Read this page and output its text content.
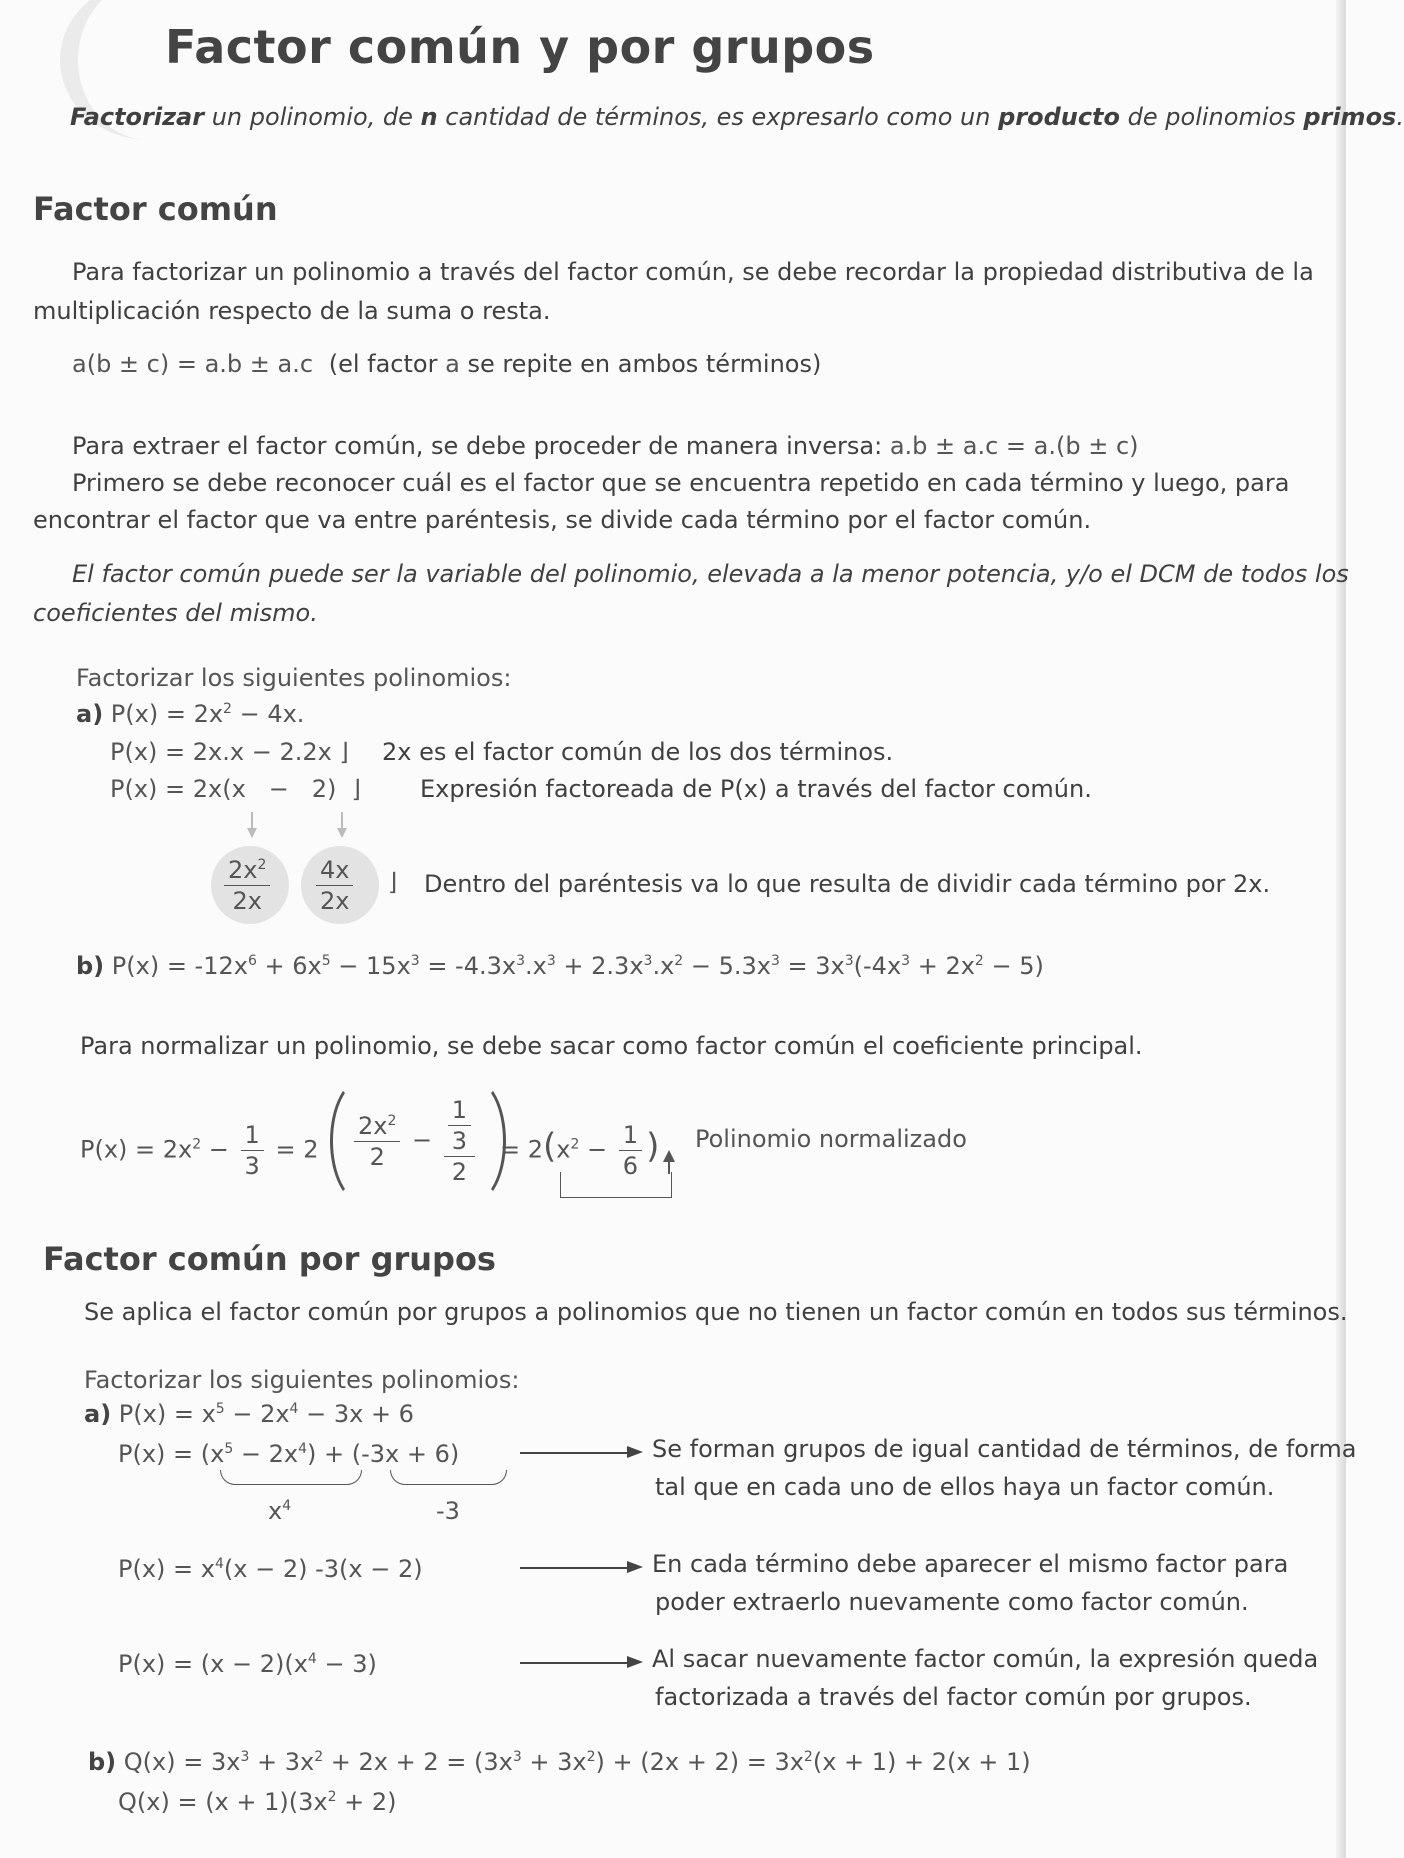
Factor común y por grupos
Factorizar un polinomio, de n cantidad de términos, es expresarlo como un producto de polinomios primos.
Factor común
Para factorizar un polinomio a través del factor común, se debe recordar la propiedad distributiva de la
multiplicación respecto de la suma o resta.
a(b ± c) = a.b ± a.c (el factor a se repite en ambos términos)
Para extraer el factor común, se debe proceder de manera inversa: a.b ± a.c = a.(b ± c)
Primero se debe reconocer cuál es el factor que se encuentra repetido en cada término y luego, para
encontrar el factor que va entre paréntesis, se divide cada término por el factor común.
El factor común puede ser la variable del polinomio, elevada a la menor potencia, y/o el DCM de todos los
coeficientes del mismo.
Factorizar los siguientes polinomios:
a) $P(x) = 2x^2 - 4x$.
P(x) = 2x.x − 2.2x ⌋ 2x es el factor común de los dos términos.
P(x) = 2x(x   −   2)  ⌋ Expresión factoreada de P(x) a través del factor común.
$\frac{2x^2}{2x} \frac{4x}{2x}$ ⌋ Dentro del paréntesis va lo que resulta de dividir cada término por 2x.
b) $P(x) = -12x^6 + 6x^5 - 15x^3 = -4.3x^3.x^3 + 2.3x^3.x^2 - 5.3x^3 = 3x^3(-4x^3 + 2x^2 - 5)$
Para normalizar un polinomio, se debe sacar como factor común el coeficiente principal.
$P(x) = 2x^2 - \frac{1}{3} = 2 \frac{2x^2}{2} - \frac{\frac{1}{3}}{2} = 2(x^2 - \frac{1}{6}$ ) Polinomio normalizado
Factor común por grupos
Se aplica el factor común por grupos a polinomios que no tienen un factor común en todos sus términos.
Factorizar los siguientes polinomios:
a) $P(x) = x^5 - 2x^4 - 3x + 6$
$P(x) = (x^5 - 2x^4) + (-3x + 6)$
$x^4$	-3
Se forman grupos de igual cantidad de términos, de forma
tal que en cada uno de ellos haya un factor común.
$P(x) = x^4(x - 2) -3(x - 2)$	En cada término debe aparecer el mismo factor para
poder extraerlo nuevamente como factor común.
$P(x) = (x - 2)(x^4 - 3)$	Al sacar nuevamente factor común, la expresión queda
factorizada a través del factor común por grupos.
b) $Q(x) = 3x^3 + 3x^2 + 2x + 2 = (3x^3 + 3x^2) + (2x + 2) = 3x^2(x + 1) + 2(x + 1)$
$Q(x) = (x + 1)(3x^2 + 2)$
